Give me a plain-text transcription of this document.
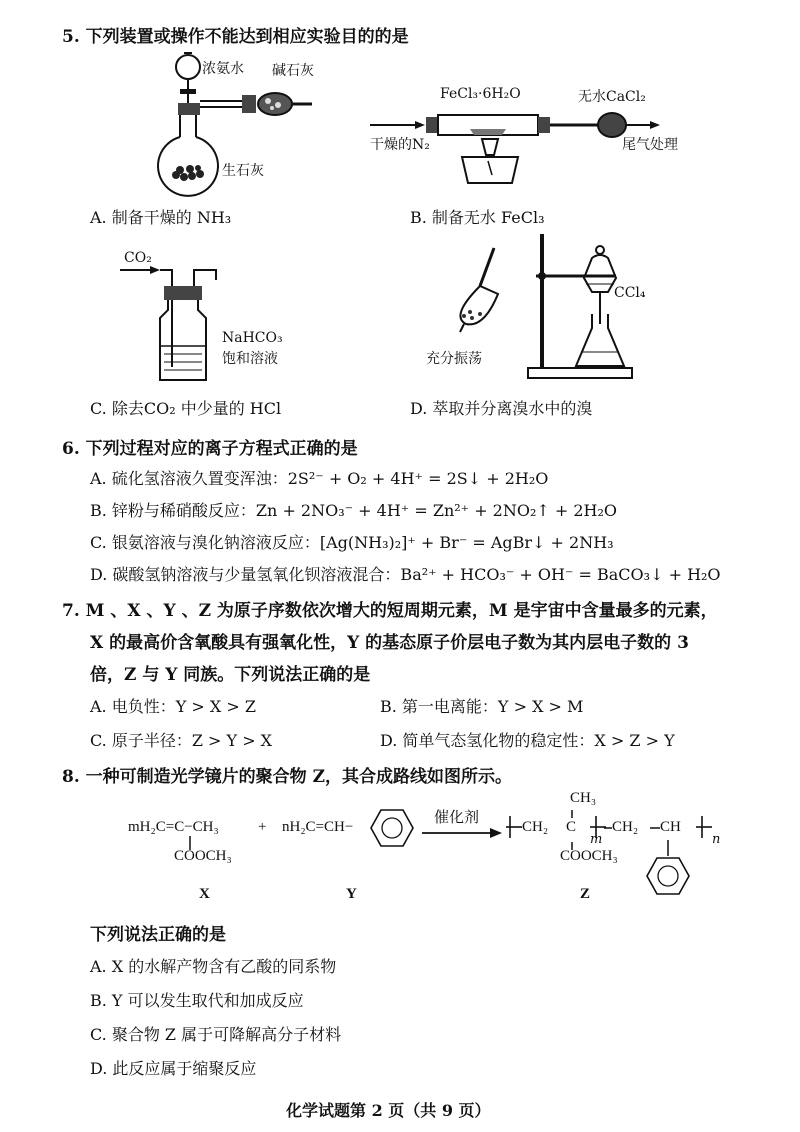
5. 下列装置或操作不能达到相应实验目的的是
浓氨水 碱石灰
生石灰
FeCl₃·6H₂O	无水CaCl₂
干燥的N₂	尾气处理
A. 制备干燥的 NH₃	B. 制备无水 FeCl₃
CO₂
NaHCO₃
饱和溶液
CCl₄
充分振荡
C. 除去CO₂ 中少量的 HCl	D. 萃取并分离溴水中的溴
6. 下列过程对应的离子方程式正确的是
A. 硫化氢溶液久置变浑浊：2S²⁻ + O₂ + 4H⁺ = 2S↓ + 2H₂O
B. 锌粉与稀硝酸反应：Zn + 2NO₃⁻ + 4H⁺ = Zn²⁺ + 2NO₂↑ + 2H₂O
C. 银氨溶液与溴化钠溶液反应：[Ag(NH₃)₂]⁺ + Br⁻ = AgBr↓ + 2NH₃
D. 碳酸氢钠溶液与少量氢氧化钡溶液混合：Ba²⁺ + HCO₃⁻ + OH⁻ = BaCO₃↓ + H₂O
7. M 、X 、Y 、Z 为原子序数依次增大的短周期元素，M 是宇宙中含量最多的元素，
X 的最高价含氧酸具有强氧化性，Y 的基态原子价层电子数为其内层电子数的 3
倍，Z 与 Y 同族。下列说法正确的是
A. 电负性：Y > X > Z	B. 第一电离能：Y > X > M
C. 原子半径：Z > Y > X	D. 简单气态氢化物的稳定性：X > Z > Y
8. 一种可制造光学镜片的聚合物 Z，其合成路线如图所示。
mH₂C=C−CH₃
COOCH₃
+ nH₂C=CH−
催化剂
CH₃
CH₂ C
m
CH₂ CH
n
COOCH₃
X	Y	Z
下列说法正确的是
A. X 的水解产物含有乙酸的同系物
B. Y 可以发生取代和加成反应
C. 聚合物 Z 属于可降解高分子材料
D. 此反应属于缩聚反应
化学试题第 2 页（共 9 页）
